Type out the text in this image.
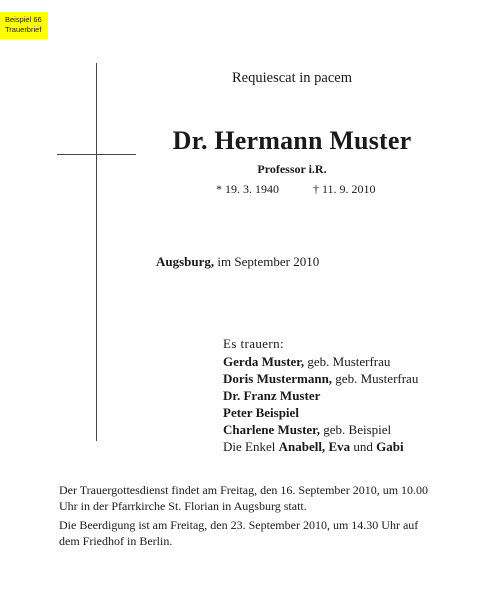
Beispiel 66
Trauerbrief
Requiescat in pacem
Dr. Hermann Muster
Professor i.R.
* 19. 3. 1940	† 11. 9. 2010
Augsburg, im September 2010
Es trauern:
Gerda Muster, geb. Musterfrau
Doris Mustermann, geb. Musterfrau
Dr. Franz Muster
Peter Beispiel
Charlene Muster, geb. Beispiel
Die Enkel Anabell, Eva und Gabi

Der Trauergottesdienst findet am Freitag, den 16. September 2010, um 10.00 Uhr in der Pfarrkirche St. Florian in Augsburg statt.

Die Beerdigung ist am Freitag, den 23. September 2010, um 14.30 Uhr auf dem Friedhof in Berlin.
